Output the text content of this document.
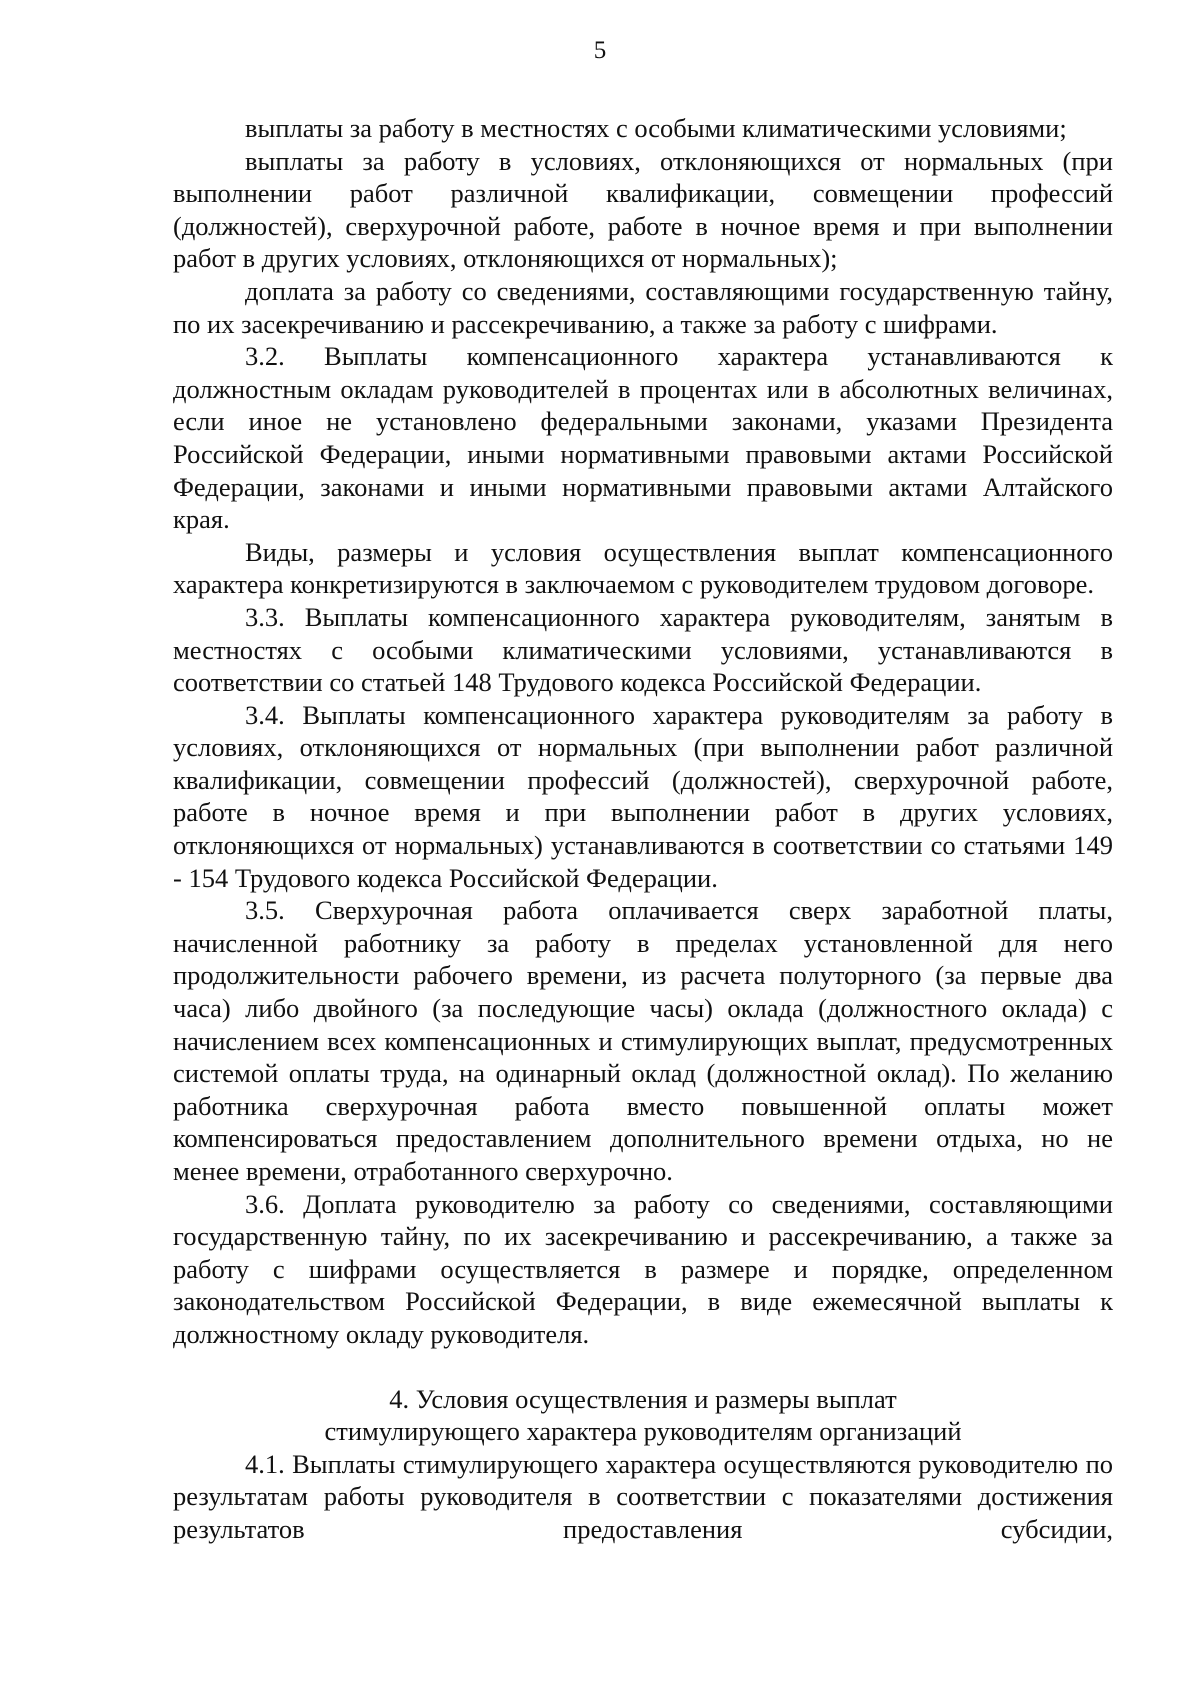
5

выплаты за работу в местностях с особыми климатическими условиями;

выплаты за работу в условиях, отклоняющихся от нормальных (при выполнении работ различной квалификации, совмещении профессий (должностей), сверхурочной работе, работе в ночное время и при выполнении работ в других условиях, отклоняющихся от нормальных);

доплата за работу со сведениями, составляющими государственную тайну, по их засекречиванию и рассекречиванию, а также за работу с шифрами.

3.2. Выплаты компенсационного характера устанавливаются к должностным окладам руководителей в процентах или в абсолютных величинах, если иное не установлено федеральными законами, указами Президента Российской Федерации, иными нормативными правовыми актами Российской Федерации, законами и иными нормативными правовыми актами Алтайского края.

Виды, размеры и условия осуществления выплат компенсационного характера конкретизируются в заключаемом с руководителем трудовом договоре.

3.3. Выплаты компенсационного характера руководителям, занятым в местностях с особыми климатическими условиями, устанавливаются в соответствии со статьей 148 Трудового кодекса Российской Федерации.

3.4. Выплаты компенсационного характера руководителям за работу в условиях, отклоняющихся от нормальных (при выполнении работ различной квалификации, совмещении профессий (должностей), сверхурочной работе, работе в ночное время и при выполнении работ в других условиях, отклоняющихся от нормальных) устанавливаются в соответствии со статьями 149 - 154 Трудового кодекса Российской Федерации.

3.5. Сверхурочная работа оплачивается сверх заработной платы, начисленной работнику за работу в пределах установленной для него продолжительности рабочего времени, из расчета полуторного (за первые два часа) либо двойного (за последующие часы) оклада (должностного оклада) с начислением всех компенсационных и стимулирующих выплат, предусмотренных системой оплаты труда, на одинарный оклад (должностной оклад). По желанию работника сверхурочная работа вместо повышенной оплаты может компенсироваться предоставлением дополнительного времени отдыха, но не менее времени, отработанного сверхурочно.

3.6. Доплата руководителю за работу со сведениями, составляющими государственную тайну, по их засекречиванию и рассекречиванию, а также за работу с шифрами осуществляется в размере и порядке, определенном законодательством Российской Федерации, в виде ежемесячной выплаты к должностному окладу руководителя.

4. Условия осуществления и размеры выплат

стимулирующего характера руководителям организаций

4.1. Выплаты стимулирующего характера осуществляются руководителю по результатам работы руководителя в соответствии с показателями достижения результатов предоставления субсидии,
